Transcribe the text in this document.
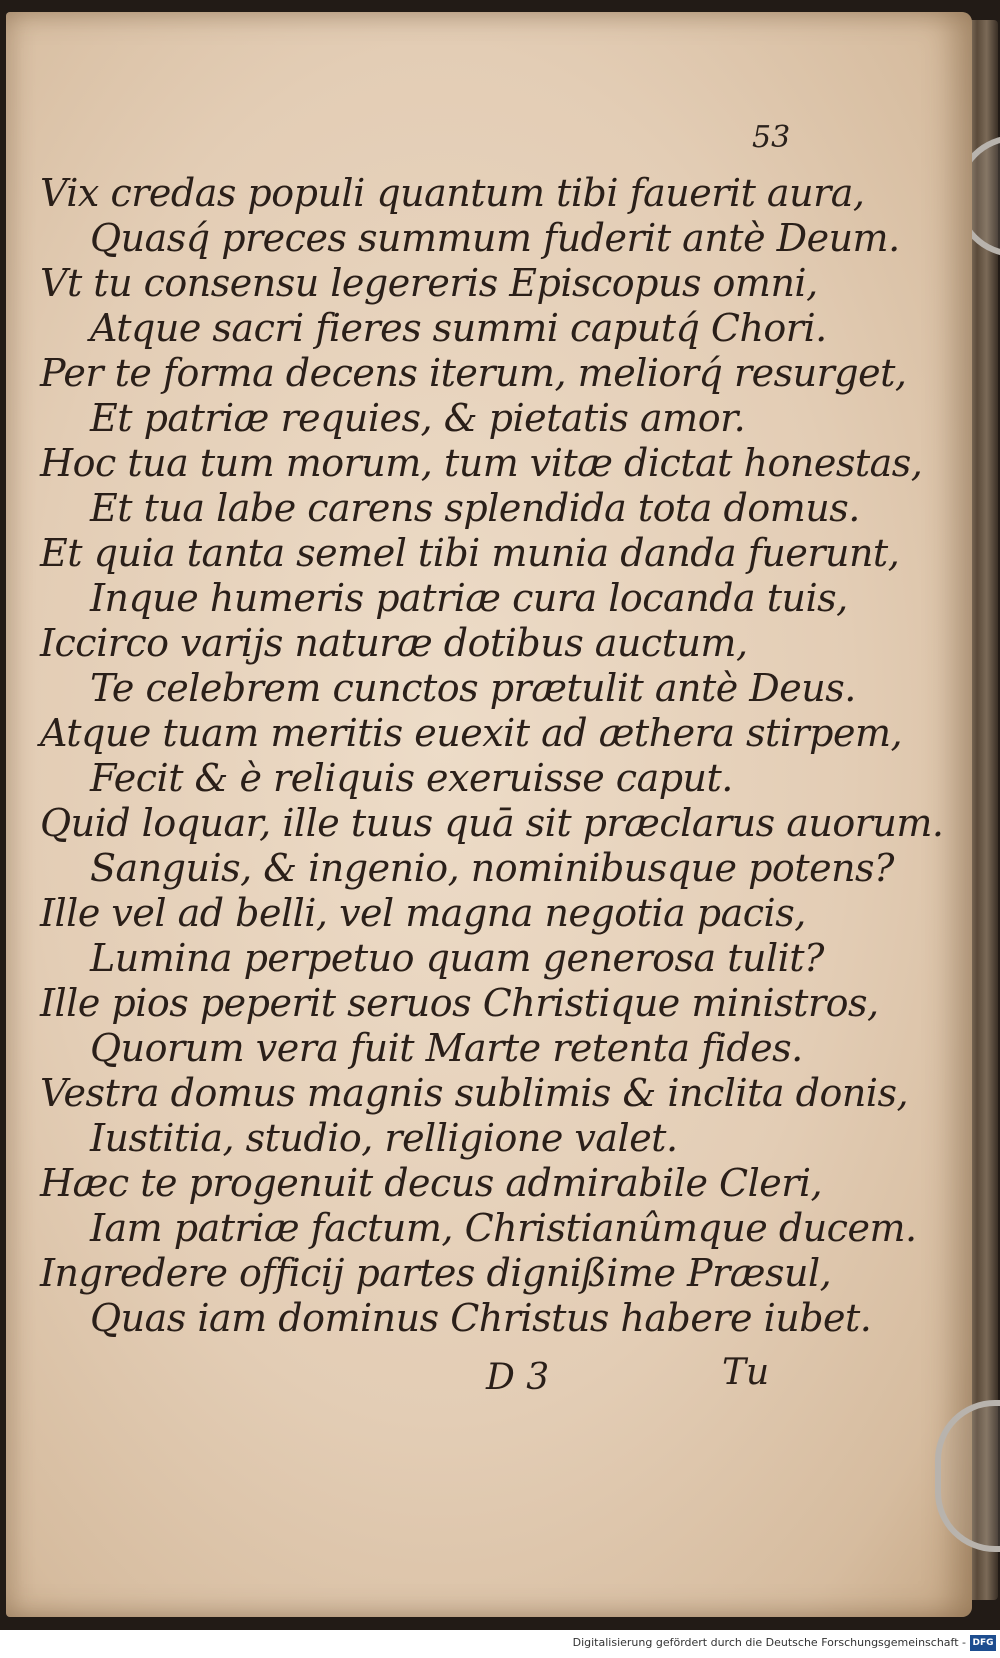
53
Vix credas populi quantum tibi fauerit aura,
Quasq́ preces summum fuderit antè Deum.
Vt tu consensu legereris Episcopus omni,
Atque sacri fieres summi caputq́ Chori.
Per te forma decens iterum, meliorq́ resurget,
Et patriæ requies, & pietatis amor.
Hoc tua tum morum, tum vitæ dictat honestas,
Et tua labe carens splendida tota domus.
Et quia tanta semel tibi munia danda fuerunt,
Inque humeris patriæ cura locanda tuis,
Iccirco varijs naturæ dotibus auctum,
Te celebrem cunctos prætulit antè Deus.
Atque tuam meritis euexit ad æthera stirpem,
Fecit & è reliquis exeruisse caput.
Quid loquar, ille tuus quā sit præclarus auorum.
Sanguis, & ingenio, nominibusque potens?
Ille vel ad belli, vel magna negotia pacis,
Lumina perpetuo quam generosa tulit?
Ille pios peperit seruos Christique ministros,
Quorum vera fuit Marte retenta fides.
Vestra domus magnis sublimis & inclita donis,
Iustitia, studio, relligione valet.
Hæc te progenuit decus admirabile Cleri,
Iam patriæ factum, Christianûmque ducem.
Ingredere officij partes dignißime Præsul,
Quas iam dominus Christus habere iubet.
D 3	Tu
Digitalisierung gefördert durch die Deutsche Forschungsgemeinschaft - DFG
